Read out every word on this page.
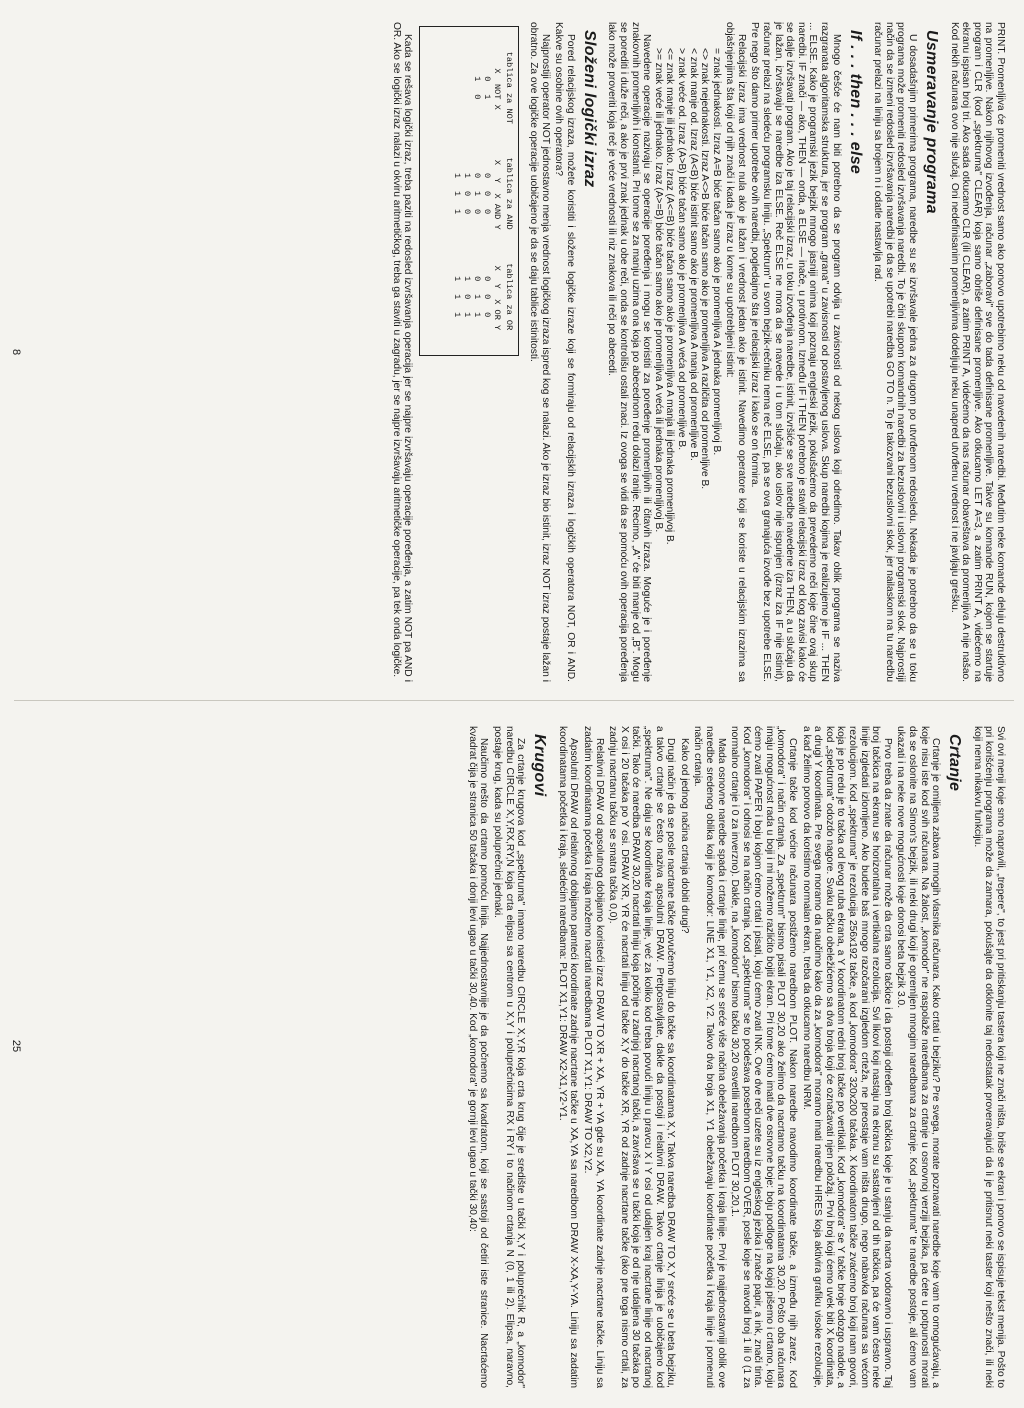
PRINT. Promenljiva će promeniti vrednost samo ako ponovo upotrebimo neku od navedenih naredbi. Međutim neke komande deluju destruktivno na promenljive. Nakon njihovog izvođenja, računar „zaboravi" sve do tada definisane promenljive. Takve su komande RUN, kojom se startuje program i CLR (kod „spektruma" CLEAR) koja samo obriše definisane promenljive. Ako otkucamo LET A=3, a zatim PRINT A, videćemo na ekranu ispisan broj tri. Ako sada otkucamo CLR (ili CLEAR), a zatim PRINT A, videćemo da nas računar obaveštava da promenljiva A nije našao. Kod nekih računara ovo nije slučaj. Oni nedefinisanim promenljivima dodeljuju neku unapred utvrđenu vrednost i ne javljaju grešku.

Usmeravanje programa

U dosadašnjim primerima programa, naredbe su se izvršavale jedna za drugom po utvrđenom redosledu. Nekada je potrebno da se u toku programa može promeniti redosled izvršavanja naredbi. To je čini skupom komandnih naredbi za bezuslovni i uslovni programski skok. Najprostiji način da se izmeni redosled izvršavanja naredbi je da se upotrebi naredba GO TO n. To je takozvani bezuslovni skok, jer nailaskom na tu naredbu računar prelazi na liniju sa brojem n i odatle nastavlja rad.

If . . . then . . . else

Mnogo češće će nam biti potrebno da se program odvija u zavisnosti od nekog uslova koji odredimo. Takav oblik programa se naziva razgranata algoritamska struktura, jer se program „grana" u zavisnosti od postavljenog uslova. Skup naredbi kojima je realizujemo je IF ... THEN ... ELSE. Kako je programski jezik bejzik mnogo jasniji onima koji poznaju engleski jezik, pokušaćemo da prevedemo reči koje čine ovaj skup naredbi. IF znači — ako, THEN — onda, a ELSE — inače, u protivnom. Između IF i THEN potrebno je staviti relacijski izraz od kog zavisi kako će se dalje izvršavati program. Ako je taj relacijski izraz, u toku izvođenja naredbe, istinit, izvršiće se sve naredbe navedene iza THEN, a u slučaju da je lažan, izvršavaju se naredbe iza ELSE. Reč ELSE ne mora da se navede i u tom slučaju, ako uslov nije ispunjen (izraz iza IF nije istinit), računar prelazi na sledeću programsku liniju. „Spektrum" u svom bejzik-rečniku nema reč ELSE, pa se ova granajuća izvođe bez upotrebe ELSE. Pre nego što damo primer upotrebe ovih naredbi, pogledajmo šta je relacijski izraz i kako se on formira.

Relacijski izraz ima vrednost nula ako je lažan i vrednost jedan ako je istinit. Navedimo operatore koji se koriste u relacijskim izrazima sa objašnjenjima šta koji od njih znači i kada je izraz u kome su upotrebljeni istinit:

= znak jednakosti. Izraz A=B biće tačan samo ako je promenljiva A jednaka promenljivoj B.

<> znak nejednakosti. Izraz A<>B biće tačan samo ako je promenljiva A različita od promenljive B.

< znak manje od. Izraz (A<B) biće istinit samo ako je promenljiva A manja od promenljive B.

> znak veće od. Izraz (A>B) biće tačan samo ako je promenljiva A veća od promenljive B.

<= znak manje ili jednako. Izraz (A<=B) biće tačan samo ako je promenljiva A manja ili jednaka promenljivoj B.

>= znak veće ili jednako. Izraz (A>=B) biće tačan samo ako je promenljiva A veća ili jednaka promenljivoj B.

Navedene operacije nazivaju se operacije poređenja i mogu se koristiti za poređenje promenljivih ili čitavih izraza. Moguće je i poređenje znakovnih promenljivih i konstanti. Pri tome se za manju uzima ona koja po abecednom redu dolazi ranije. Recimo, „A" će biti manje od „B". Mogu se porediti i duže reči, a ako je prvi znak jednak u obe reči, onda se kontrolišu ostali znaci. Iz ovoga se vidi da se pomoću ovih operacija poređenja lako može proveriti koja reč je veće vrednosti ili niz znakova ili reči po abecedi.

Složeni logički izraz

Pored relacijskog izraza, možete koristiti i složene logičke izraze koji se formiraju od relacijskih izraza i logičkih operatora NOT, OR i AND. Kakve su osobine ovih operatora?

Najprostiji operator NOT jednostavno menja vrednost logičkog izraza ispred kog se nalazi. Ako je izraz bio istinit, izraz NOT izraz postaje lažan i obratno. Za ove logičke operacije uobičajeno je da se daju tablice istinitosti.

tablica za NOT
X
NOT X
0
1
1
0
tablica za AND
X
Y
X AND Y
0
0
0
0
1
0
1
0
0
1
1
1
tablica za OR
X
Y
X OR Y
0
0
0
0
1
1
1
0
1
1
1
1

Kada se rešava logički izraz, treba paziti na redosled izvršavanja operacija jer se najpre izvršavaju operacije poređenja, a zatim NOT pa AND i OR. Ako se logički izraz nalazi u okviru aritmetičkog, treba ga staviti u zagradu, jer se najpre izvršavaju aritmetičke operacije, pa tek onda logičke.

8

Svi ovi menji koje smo napravili, „treperе", to jest pri pritiskanju tastera koji ne znači ništa, briše se ekran i ponovo se ispisuje tekst menija. Pošto to pri korišćenju programa može da zamara, pokušajte da otklonite taj nedostatak proveravajući da li je pritisnut neki taster koji nešto znači, ili neki koji nema nikakvu funkciju.

Crtanje

Crtanje je omiljena zabava mnogih vlasnika računara. Kako crtati u bejziku? Pre svega, morate poznavati naredbe koje vam to omogućavaju, a koje nisu iste kod svih računara. Na žalost, „komodor" ne raspolaže naredbama za crtanje u osnovnoj verziji bejzika, pa ćete u potpunosti morati da se oslonite na Simon's bejzik, ili neki drugi koji je opremljen mnogim naredbama za crtanje. Kod „spektruma" te naredbe postoje, ali ćemo vam ukazati i na neke nove mogućnosti koje donosi beta bejzik 3.0.

Prvo treba da znate da računar može da crta samo tačkice i da postoji određen broj tačkica koje je u stanju da nacrta vodoravno i uspravno. Taj broj tačkica na ekranu se horizontalna i vertikalna rezolucija. Svi likovi koji nastaju na ekranu su sastavljeni od tih tačkica, pa će vam često neke linije izgledati izlomljeno. Ako budete baš mnogo razočarani izgledom crteža, ne preostaje vam ništa drugo, nego nabavka računara sa većom rezolucijom. Kod „spektruma" je rezolucija 256x192 tačke, a kod „komodora" 320x200 tačaka. X koordinatom tačke zvaćemo broj koji nam govori, koja je po redu je to tačka od levog ruba ekrana, a Y koordinatom redni broj tačke po vertikali. Kod „komodora" se Y tačke broje odozgo nadole, a kod „spektruma" odozdo nagore. Svaku tačku obeležićemo sa dva broja koji će označavati njen položaj. Prvi broj koji ćemo uvek biti X koordinata, a drugi Y koordinata. Pre svega moramo da naučimo kako da za „komodora" moramo imati naredbu HIRES koja aktivira grafiku visoke rezolucije, a kad želimo ponovo da koristimo normalan ekran, treba da otkucamo naredbu NRM.

Crtanje tačke kod većine računara postižemo naredbom PLOT. Nakon naredbe navodimo koordinate tačke, a između njih zarez. Kod „komodora" i način crtanja. Za „spektrum" bismo pisali PLOT 30,20 ako želimo da nacrtamo tačku na koordinatama 30,20. Pošto oba računara imaju mogućnost rada u boji i mi možemo razlićito bojiti ekran. Pri tome ćemo imati dve osnovne boje: boju podloge na kojoj pišemo i crtamo, koju ćemo zvati PAPER i boju kojom ćemo crtati i pisati, koju ćemo zvati INK. Ove dve reči uzete su iz engleskog jezika i znače papir, a ink, znači tinta. Kod „komodora" i odnosi se na način crtanja. Kod „spektruma" se to podešava posebnom naredbom OVER, posle koje se navodi broj 1 ili 0 (1 za normalno crtanje i 0 za inverzno). Dakle, na „komodoru" bismo tačku 30,20 osvetlili naredbom PLOT 30,20,1.

Mada osnovne naredbe spada i crtanje linije, pri čemu se sreće više načina obeležavanja početka i kraja linije. Prvi je najjednostavniji oblik ove naredbe sredenog oblika koji je komodor: LINE X1, Y1, X2, Y2. Takvo dva broja X1, Y1 obeležavaju koordinate početka i kraja linije i pomenuti način crtanja.

Kako od jednog načina crtanja dobiti drugi?

Drugi način je da se posle nacrtane tačke povučemo liniju do tačke sa koordinatama X,Y. Takva naredba DRAW TO X,Y sreće se u beta bejziku, a takvo crtanje se često naziva apsolutni DRAW. Pretpostavljate, dakle da postoji i relativni DRAW. Takvo crtanje linija je uobičajeno kod „spektruma". Ne daju se koordinate kraja linije, već za koliko kod treba povući liniju u pravcu X i Y osi od udaljen kraj nacrtane linije od nacrtanoj tački. Tako će naredba DRAW 30,20 nacrtati liniju koja počinje u zadnjoj nacrtanoj tački, a završava se u tački koja je od nje udaljena 30 tačaka po X osi i 20 tačaka po Y osi. DRAW XR, YR će nacrtati liniju od tačke X,Y do tačke XR, YR od zadnje nacrtane tačke (ako pre toga nismo crtali, za zadnju nacrtanu tačku se smatra tačka 0,0).

Relativni DRAW od apsolutnog dobijamo koristeći izraz DRAW TO XR + XA, YR + YA gde su XA, YA koordinate zadnje nacrtane tačke. Liniju sa zadatim koordinatama početka i kraja možemo nacrtati naredbama PLOT X1,Y1: DRAW TO X2,Y2.

Apsolutni DRAW od relativnog dobijamo pamteći koordinate zadnje nacrtane tačke u XA,YA sa naredbom DRAW X-XA,Y-YA. Liniju sa zadatim koordinatama početka i kraja, sledećim naredbama: PLOT X1,Y1: DRAW X2-X1,Y2-Y1.

Krugovi

Za crtanje krugova kod „spektruma" imamo naredbu CIRCLE X,Y,R koja crta krug čije je središte u tački X,Y i poluprečnik R, a „komodor" naredbu CIRCLE X,Y,RX,RY,N koja crta elipsu sa centrom u X,Y i poluprečnicima RX i RY i to načinom crtanja N (0, 1 ili 2). Elipsa, naravno, postaje krug, kada su poluprečnici jednaki.

Naučimo nešto da crtamo pomoću linija. Najjednostavnije je da počnemo sa kvadratom, koji se sastoji od četiri iste stranice. Nacrtaćemo kvadrat čija je stranica 50 tačaka i donji levi ugao u tački 30,40. Kod „komodora" je gornji levi ugao u tački 30,40:

25
